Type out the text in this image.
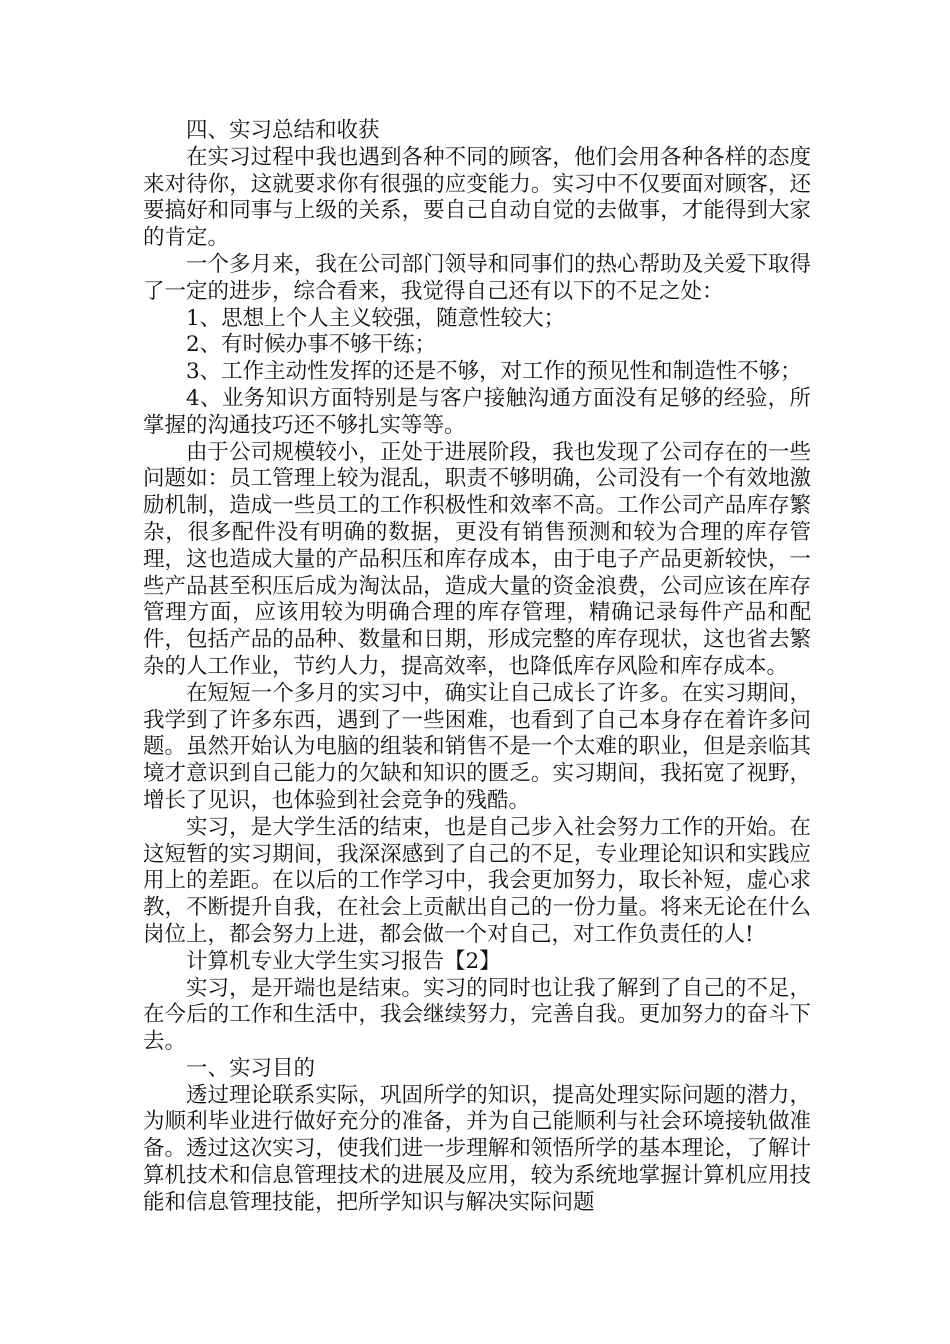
四、实习总结和收获

在实习过程中我也遇到各种不同的顾客，他们会用各种各样的态度来对待你，这就要求你有很强的应变能力。实习中不仅要面对顾客，还要搞好和同事与上级的关系，要自己自动自觉的去做事，才能得到大家的肯定。

一个多月来，我在公司部门领导和同事们的热心帮助及关爱下取得了一定的进步，综合看来，我觉得自己还有以下的不足之处：

1、思想上个人主义较强，随意性较大；

2、有时候办事不够干练；

3、工作主动性发挥的还是不够，对工作的预见性和制造性不够；

4、业务知识方面特别是与客户接触沟通方面没有足够的经验，所掌握的沟通技巧还不够扎实等等。

由于公司规模较小，正处于进展阶段，我也发现了公司存在的一些问题如：员工管理上较为混乱，职责不够明确，公司没有一个有效地激励机制，造成一些员工的工作积极性和效率不高。工作公司产品库存繁杂，很多配件没有明确的数据，更没有销售预测和较为合理的库存管理，这也造成大量的产品积压和库存成本，由于电子产品更新较快，一些产品甚至积压后成为淘汰品，造成大量的资金浪费，公司应该在库存管理方面，应该用较为明确合理的库存管理，精确记录每件产品和配件，包括产品的品种、数量和日期，形成完整的库存现状，这也省去繁杂的人工作业，节约人力，提高效率，也降低库存风险和库存成本。

在短短一个多月的实习中，确实让自己成长了许多。在实习期间，我学到了许多东西，遇到了一些困难，也看到了自己本身存在着许多问题。虽然开始认为电脑的组装和销售不是一个太难的职业，但是亲临其境才意识到自己能力的欠缺和知识的匮乏。实习期间，我拓宽了视野，增长了见识，也体验到社会竞争的残酷。

实习，是大学生活的结束，也是自己步入社会努力工作的开始。在这短暂的实习期间，我深深感到了自己的不足，专业理论知识和实践应用上的差距。在以后的工作学习中，我会更加努力，取长补短，虚心求教，不断提升自我，在社会上贡献出自己的一份力量。将来无论在什么岗位上，都会努力上进，都会做一个对自己，对工作负责任的人!

计算机专业大学生实习报告【2】

实习，是开端也是结束。实习的同时也让我了解到了自己的不足，在今后的工作和生活中，我会继续努力，完善自我。更加努力的奋斗下去。

一、实习目的

透过理论联系实际，巩固所学的知识，提高处理实际问题的潜力，为顺利毕业进行做好充分的准备，并为自己能顺利与社会环境接轨做准备。透过这次实习，使我们进一步理解和领悟所学的基本理论，了解计算机技术和信息管理技术的进展及应用，较为系统地掌握计算机应用技能和信息管理技能，把所学知识与解决实际问题
